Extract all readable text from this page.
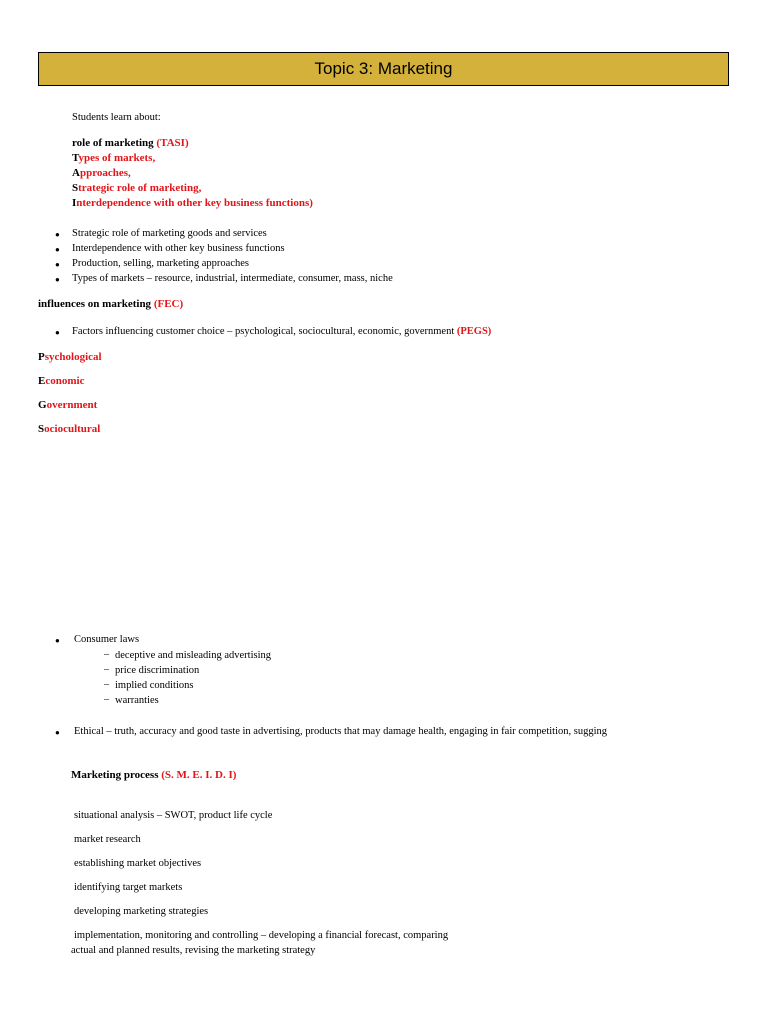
Topic 3: Marketing
Students learn about:
role of marketing (TASI)
Types of markets,
Approaches,
Strategic role of marketing,
Interdependence with other key business functions)
● Strategic role of marketing goods and services
● Interdependence with other key business functions
● Production, selling, marketing approaches
● Types of markets – resource, industrial, intermediate, consumer, mass, niche
influences on marketing (FEC)
● Factors influencing customer choice – psychological, sociocultural, economic, government (PEGS)
Psychological
Economic
Government
Sociocultural
● Consumer laws
– deceptive and misleading advertising
– price discrimination
– implied conditions
– warranties
● Ethical – truth, accuracy and good taste in advertising, products that may damage health, engaging in fair competition, sugging
Marketing process (S. M. E. I. D. I)
situational analysis – SWOT, product life cycle
market research
establishing market objectives
identifying target markets
developing marketing strategies
implementation, monitoring and controlling – developing a financial forecast, comparing
actual and planned results, revising the marketing strategy
